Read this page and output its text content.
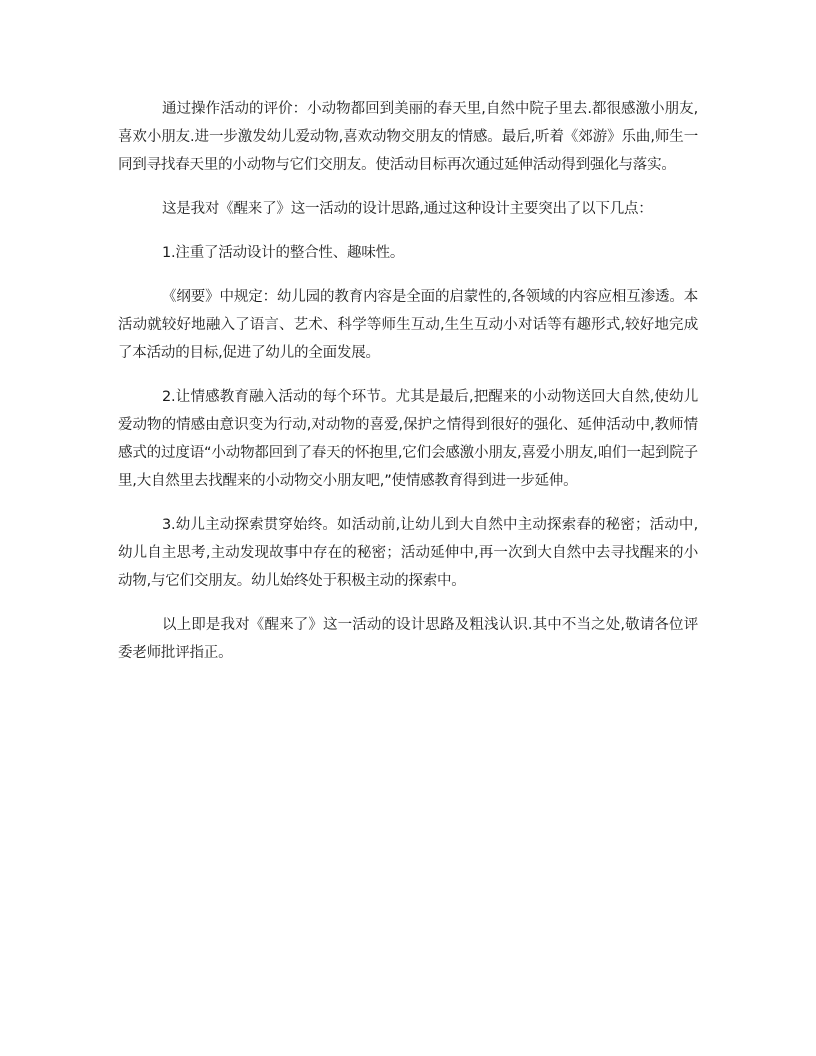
通过操作活动的评价：小动物都回到美丽的春天里,自然中院子里去.都很感激小朋友,喜欢小朋友.进一步激发幼儿爱动物,喜欢动物交朋友的情感。最后,听着《郊游》乐曲,师生一同到寻找春天里的小动物与它们交朋友。使活动目标再次通过延伸活动得到强化与落实。

这是我对《醒来了》这一活动的设计思路,通过这种设计主要突出了以下几点：

1.注重了活动设计的整合性、趣味性。

《纲要》中规定：幼儿园的教育内容是全面的启蒙性的,各领域的内容应相互渗透。本活动就较好地融入了语言、艺术、科学等师生互动,生生互动小对话等有趣形式,较好地完成了本活动的目标,促进了幼儿的全面发展。

2.让情感教育融入活动的每个环节。尤其是最后,把醒来的小动物送回大自然,使幼儿爱动物的情感由意识变为行动,对动物的喜爱,保护之情得到很好的强化、延伸活动中,教师情感式的过度语“小动物都回到了春天的怀抱里,它们会感激小朋友,喜爱小朋友,咱们一起到院子里,大自然里去找醒来的小动物交小朋友吧,”使情感教育得到进一步延伸。

3.幼儿主动探索贯穿始终。如活动前,让幼儿到大自然中主动探索春的秘密；活动中,幼儿自主思考,主动发现故事中存在的秘密；活动延伸中,再一次到大自然中去寻找醒来的小动物,与它们交朋友。幼儿始终处于积极主动的探索中。

以上即是我对《醒来了》这一活动的设计思路及粗浅认识.其中不当之处,敬请各位评委老师批评指正。
